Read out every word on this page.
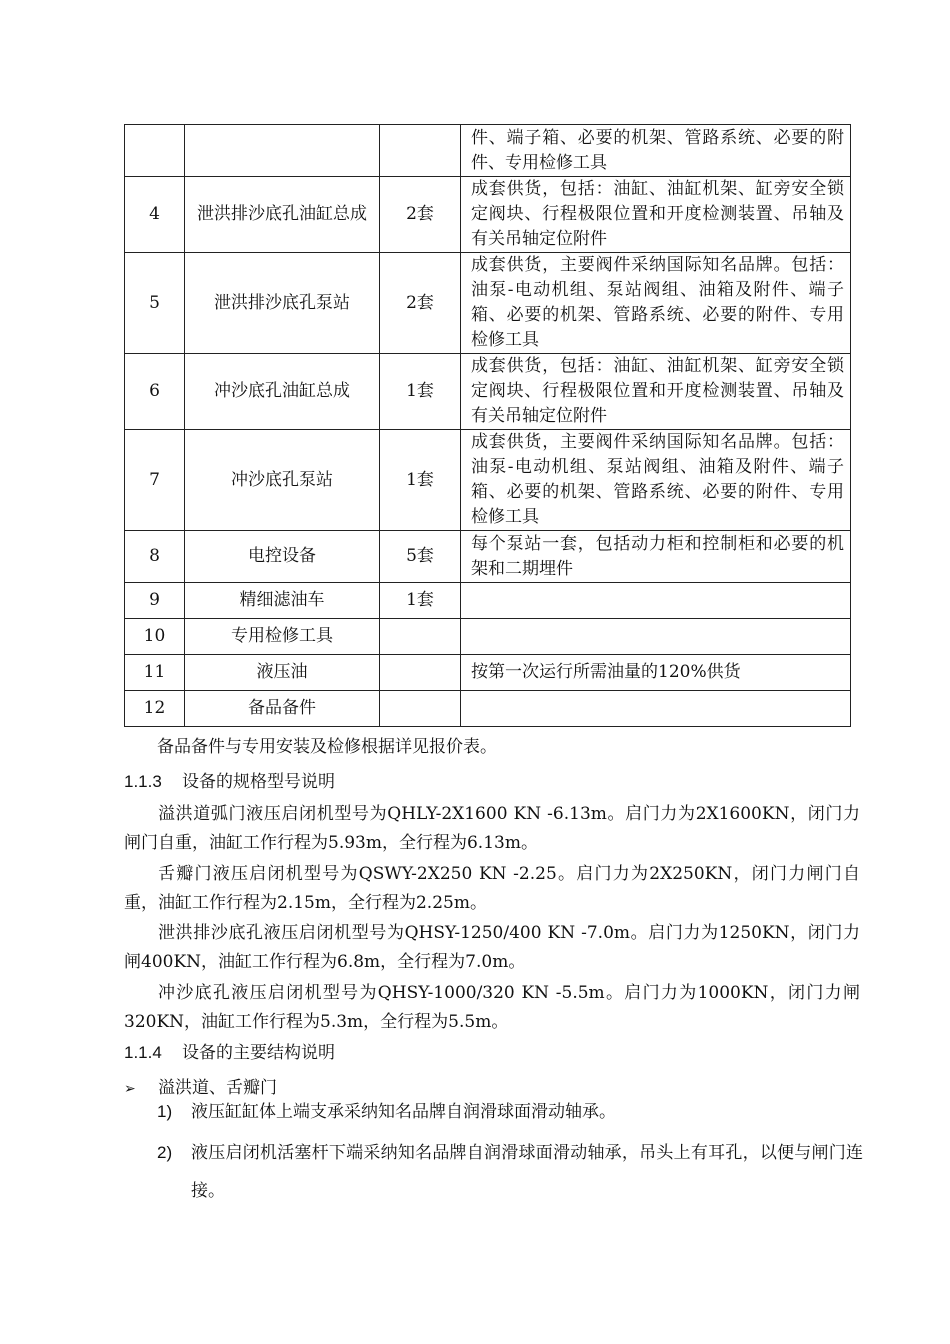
			件、端子箱、必要的机架、管路系统、必要的附件、专用检修工具
4	泄洪排沙底孔油缸总成	2套	成套供货，包括：油缸、油缸机架、缸旁安全锁定阀块、行程极限位置和开度检测装置、吊轴及有关吊轴定位附件
5	泄洪排沙底孔泵站	2套	成套供货，主要阀件采纳国际知名品牌。包括：油泵-电动机组、泵站阀组、油箱及附件、端子箱、必要的机架、管路系统、必要的附件、专用检修工具
6	冲沙底孔油缸总成	1套	成套供货，包括：油缸、油缸机架、缸旁安全锁定阀块、行程极限位置和开度检测装置、吊轴及有关吊轴定位附件
7	冲沙底孔泵站	1套	成套供货，主要阀件采纳国际知名品牌。包括：油泵-电动机组、泵站阀组、油箱及附件、端子箱、必要的机架、管路系统、必要的附件、专用检修工具
8	电控设备	5套	每个泵站一套，包括动力柜和控制柜和必要的机架和二期埋件
9	精细滤油车	1套	
10	专用检修工具		
11	液压油		按第一次运行所需油量的120%供货
12	备品备件		
备品备件与专用安装及检修根据详见报价表。
1.1.3 设备的规格型号说明
溢洪道弧门液压启闭机型号为QHLY-2X1600 KN -6.13m。启门力为2X1600KN，闭门力闸门自重，油缸工作行程为5.93m，全行程为6.13m。
舌瓣门液压启闭机型号为QSWY-2X250 KN -2.25。启门力为2X250KN，闭门力闸门自重，油缸工作行程为2.15m，全行程为2.25m。
泄洪排沙底孔液压启闭机型号为QHSY-1250/400 KN -7.0m。启门力为1250KN，闭门力闸400KN，油缸工作行程为6.8m，全行程为7.0m。
冲沙底孔液压启闭机型号为QHSY-1000/320 KN -5.5m。启门力为1000KN，闭门力闸320KN，油缸工作行程为5.3m，全行程为5.5m。
1.1.4 设备的主要结构说明
➢ 溢洪道、舌瓣门
1) 液压缸缸体上端支承采纳知名品牌自润滑球面滑动轴承。
2) 液压启闭机活塞杆下端采纳知名品牌自润滑球面滑动轴承，吊头上有耳孔，以便与闸门连接。
